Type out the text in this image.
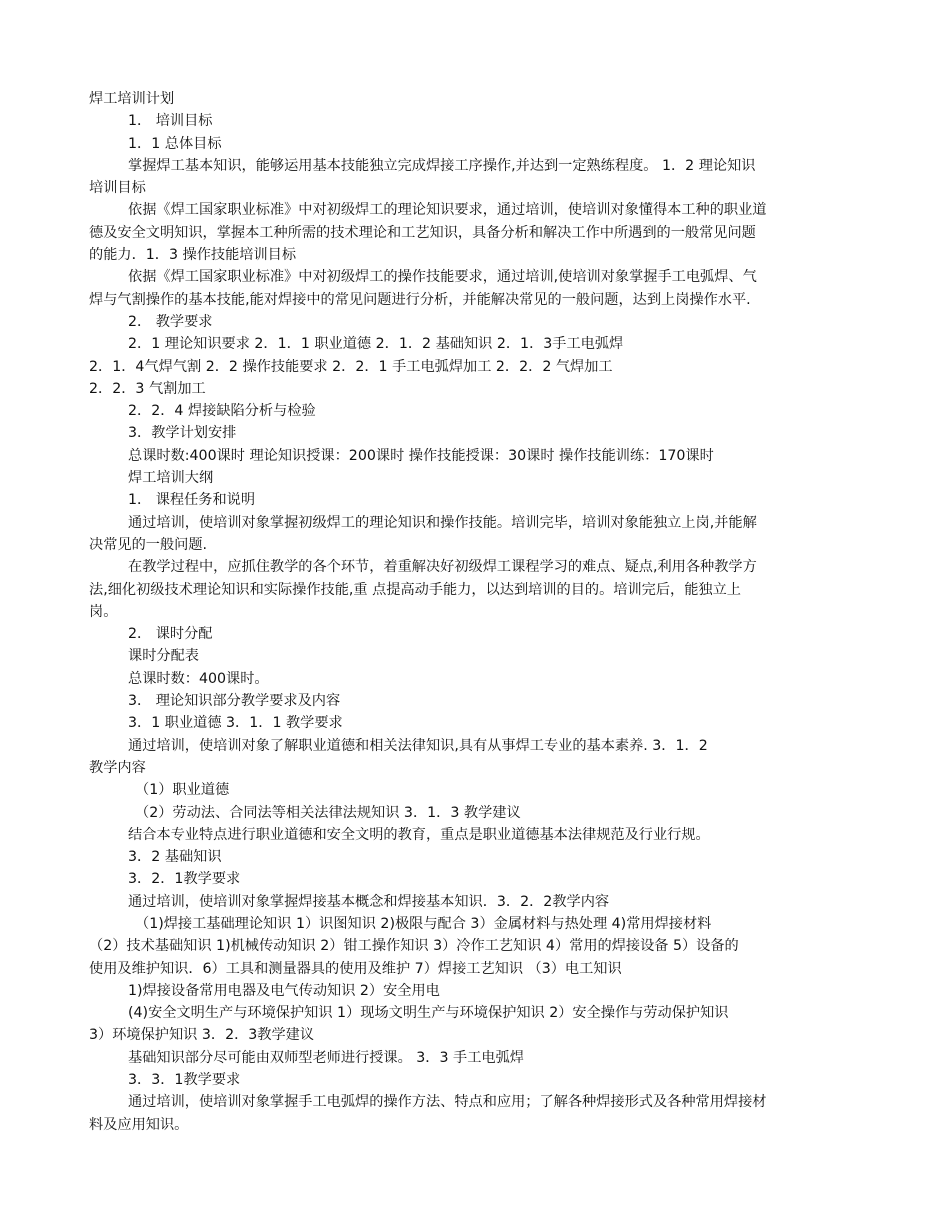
焊工培训计划
1． 培训目标
1．1 总体目标
掌握焊工基本知识，能够运用基本技能独立完成焊接工序操作,并达到一定熟练程度。 1．2 理论知识
培训目标
依据《焊工国家职业标准》中对初级焊工的理论知识要求，通过培训，使培训对象懂得本工种的职业道
德及安全文明知识，掌握本工种所需的技术理论和工艺知识，具备分析和解决工作中所遇到的一般常见问题
的能力．1．3 操作技能培训目标
依据《焊工国家职业标准》中对初级焊工的操作技能要求，通过培训,使培训对象掌握手工电弧焊、气
焊与气割操作的基本技能,能对焊接中的常见问题进行分析，并能解决常见的一般问题，达到上岗操作水平.
2． 教学要求
2．1 理论知识要求 2．1．1 职业道德 2．1．2 基础知识 2．1．3手工电弧焊
2．1．4气焊气割 2．2 操作技能要求 2．2．1 手工电弧焊加工 2．2．2 气焊加工
2．2．3 气割加工
2．2．4 焊接缺陷分析与检验
3．教学计划安排
总课时数:400课时 理论知识授课：200课时 操作技能授课：30课时 操作技能训练：170课时
焊工培训大纲
1． 课程任务和说明
通过培训，使培训对象掌握初级焊工的理论知识和操作技能。培训完毕，培训对象能独立上岗,并能解
决常见的一般问题.
在教学过程中，应抓住教学的各个环节，着重解决好初级焊工课程学习的难点、疑点,利用各种教学方
法,细化初级技术理论知识和实际操作技能,重 点提高动手能力，以达到培训的目的。培训完后，能独立上
岗。
2． 课时分配
课时分配表
总课时数：400课时。
3． 理论知识部分教学要求及内容
3．1 职业道德 3．1．1 教学要求
通过培训，使培训对象了解职业道德和相关法律知识,具有从事焊工专业的基本素养. 3．1．2
教学内容
（1）职业道德
（2）劳动法、合同法等相关法律法规知识 3．1．3 教学建议
结合本专业特点进行职业道德和安全文明的教育，重点是职业道德基本法律规范及行业行规。
3．2 基础知识
3．2．1教学要求
通过培训，使培训对象掌握焊接基本概念和焊接基本知识．3．2．2教学内容
（1)焊接工基础理论知识 1）识图知识 2)极限与配合 3）金属材料与热处理 4)常用焊接材料
（2）技术基础知识 1)机械传动知识 2）钳工操作知识 3）冷作工艺知识 4）常用的焊接设备 5）设备的
使用及维护知识．6）工具和测量器具的使用及维护 7）焊接工艺知识 （3）电工知识
1)焊接设备常用电器及电气传动知识 2）安全用电
(4)安全文明生产与环境保护知识 1）现场文明生产与环境保护知识 2）安全操作与劳动保护知识
3）环境保护知识 3．2．3教学建议
基础知识部分尽可能由双师型老师进行授课。 3．3 手工电弧焊
3．3．1教学要求
通过培训，使培训对象掌握手工电弧焊的操作方法、特点和应用；了解各种焊接形式及各种常用焊接材
料及应用知识。
